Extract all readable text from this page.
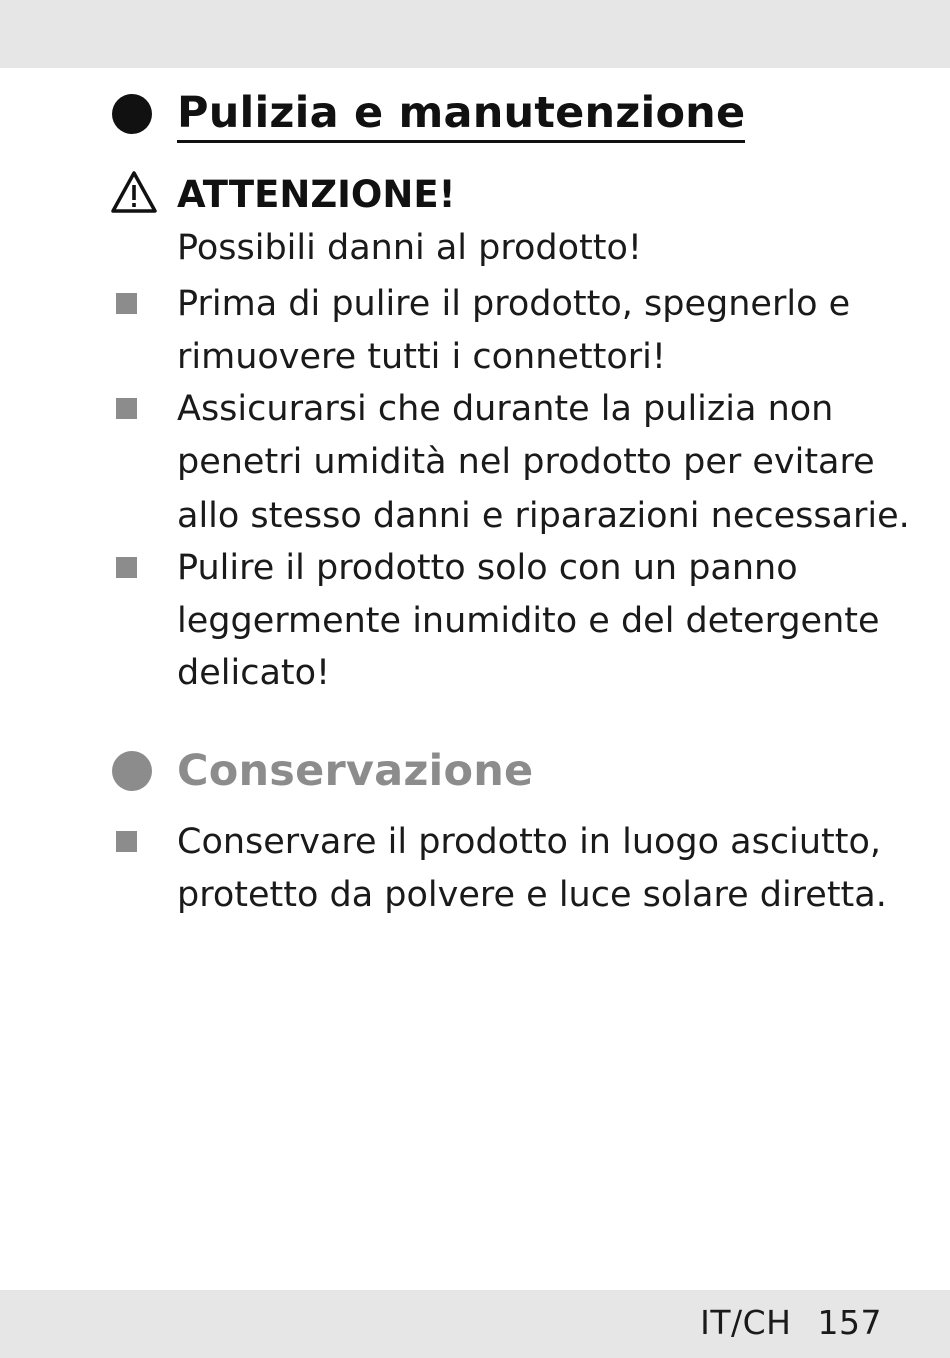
Pulizia e manutenzione
ATTENZIONE!
Possibili danni al prodotto!
Prima di pulire il prodotto, spegnerlo e
rimuovere tutti i connettori!
Assicurarsi che durante la pulizia non
penetri umidità nel prodotto per evitare
allo stesso danni e riparazioni necessarie.
Pulire il prodotto solo con un panno
leggermente inumidito e del detergente
delicato!
Conservazione
Conservare il prodotto in luogo asciutto,
protetto da polvere e luce solare diretta.
IT/CH 157
